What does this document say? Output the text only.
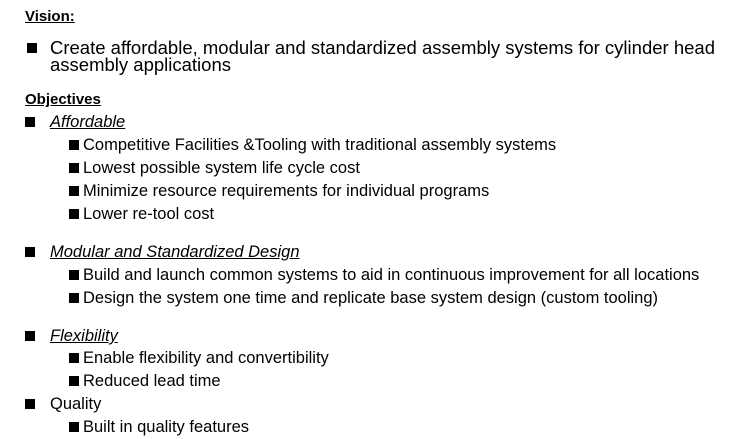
Vision:
Create affordable, modular and standardized assembly systems for cylinder head assembly applications
Objectives
Affordable
Competitive Facilities &Tooling with traditional assembly systems
Lowest possible system life cycle cost
Minimize resource requirements for individual programs
Lower re-tool cost
Modular and Standardized Design
Build and launch common systems to aid in continuous improvement for all locations
Design the system one time and replicate base system design (custom tooling)
Flexibility
Enable flexibility and convertibility
Reduced lead time
Quality
Built in quality features
